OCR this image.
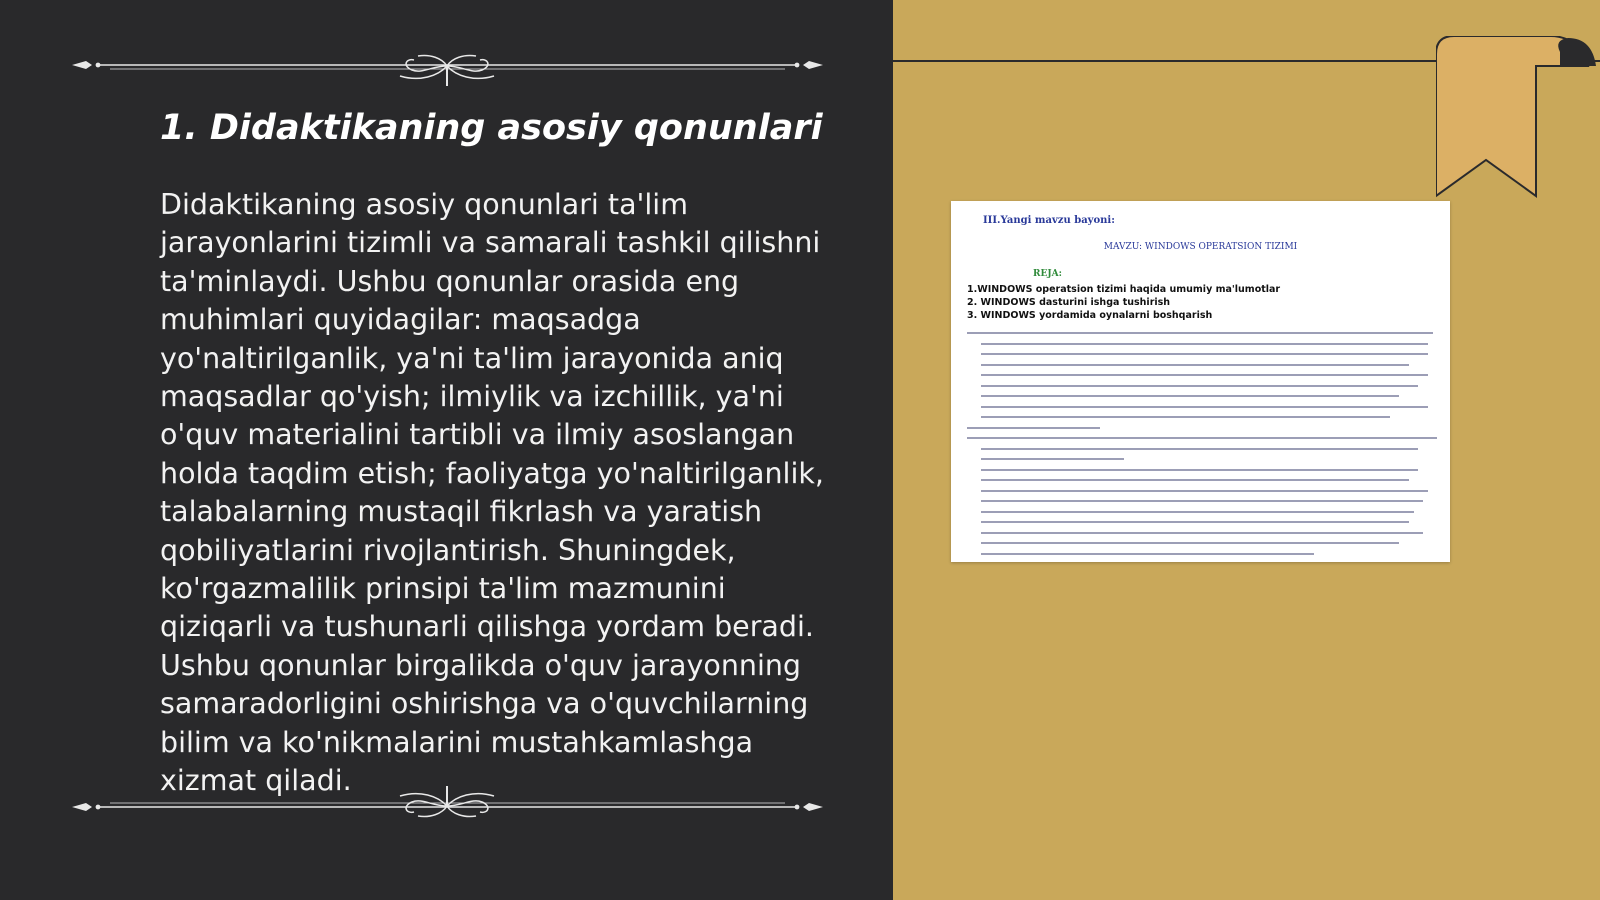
1. Didaktikaning asosiy qonunlari

Didaktikaning asosiy qonunlari ta'lim jarayonlarini tizimli va samarali tashkil qilishni ta'minlaydi. Ushbu qonunlar orasida eng muhimlari quyidagilar: maqsadga yo'naltirilganlik, ya'ni ta'lim jarayonida aniq maqsadlar qo'yish; ilmiylik va izchillik, ya'ni o'quv materialini tartibli va ilmiy asoslangan holda taqdim etish; faoliyatga yo'naltirilganlik, talabalarning mustaqil fikrlash va yaratish qobiliyatlarini rivojlantirish. Shuningdek, ko'rgazmalilik prinsipi ta'lim mazmunini qiziqarli va tushunarli qilishga yordam beradi. Ushbu qonunlar birgalikda o'quv jarayonning samaradorligini oshirishga va o'quvchilarning bilim va ko'nikmalarini mustahkamlashga xizmat qiladi.

III.Yangi mavzu bayoni:
MAVZU: WINDOWS OPERATSION TIZIMI
REJA:
1.WINDOWS operatsion tizimi haqida umumiy ma'lumotlar
2. WINDOWS dasturini ishga tushirish
3. WINDOWS yordamida oynalarni boshqarish
